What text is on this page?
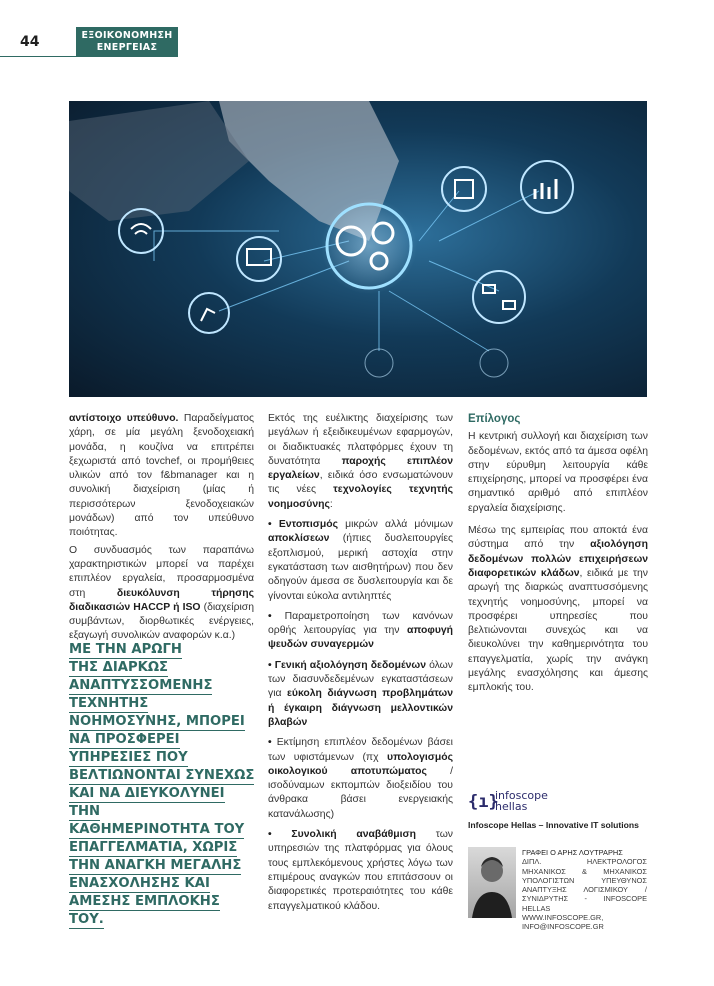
44	ΕΞΟΙΚΟΝΟΜΗΣΗ
ΕΝΕΡΓΕΙΑΣ

αντίστοιχο υπεύθυνο. Παραδείγματος χάρη, σε μία μεγάλη ξενοδοχειακή μονάδα, η κουζίνα να επιτρέπει ξεχωριστά από tovchef, οι προμήθειες υλικών από τον f&bmanager και η συνολική διαχείριση (μίας ή περισσότερων ξενοδοχειακών μονάδων) από τον υπεύθυνο ποιότητας.

Ο συνδυασμός των παραπάνω χαρακτηριστικών μπορεί να παρέχει επιπλέον εργαλεία, προσαρμοσμένα στη διευκόλυνση τήρησης διαδικασιών HACCP ή ISO (διαχείριση συμβάντων, διορθωτικές ενέργειες, εξαγωγή συνολικών αναφορών κ.α.)

ΜΕ ΤΗΝ ΑΡΩΓΗ
ΤΗΣ ΔΙΑΡΚΩΣ
ΑΝΑΠΤΥΣΣΟΜΕΝΗΣ
ΤΕΧΝΗΤΗΣ
ΝΟΗΜΟΣΥΝΗΣ, ΜΠΟΡΕΙ
ΝΑ ΠΡΟΣΦΕΡΕΙ
ΥΠΗΡΕΣΙΕΣ ΠΟΥ
ΒΕΛΤΙΩΝΟΝΤΑΙ ΣΥΝΕΧΩΣ
ΚΑΙ ΝΑ ΔΙΕΥΚΟΛΥΝΕΙ ΤΗΝ
ΚΑΘΗΜΕΡΙΝΟΤΗΤΑ ΤΟΥ
ΕΠΑΓΓΕΛΜΑΤΙΑ, ΧΩΡΙΣ
ΤΗΝ ΑΝΑΓΚΗ ΜΕΓΑΛΗΣ
ΕΝΑΣΧΟΛΗΣΗΣ ΚΑΙ
ΑΜΕΣΗΣ ΕΜΠΛΟΚΗΣ ΤΟΥ.

Εκτός της ευέλικτης διαχείρισης των μεγάλων ή εξειδικευμένων εφαρμογών, οι διαδικτυακές πλατφόρμες έχουν τη δυνατότητα παροχής επιπλέον εργαλείων, ειδικά όσο ενσωματώνουν τις νέες τεχνολογίες τεχνητής νοημοσύνης:

• Εντοπισμός μικρών αλλά μόνιμων αποκλίσεων (ήπιες δυσλειτουργίες εξοπλισμού, μερική αστοχία στην εγκατάσταση των αισθητήρων) που δεν οδηγούν άμεσα σε δυσλειτουργία και δε γίνονται εύκολα αντιληπτές

• Παραμετροποίηση των κανόνων ορθής λειτουργίας για την αποφυγή ψευδών συναγερμών

• Γενική αξιολόγηση δεδομένων όλων των διασυνδεδεμένων εγκαταστάσεων για εύκολη διάγνωση προβλημάτων ή έγκαιρη διάγνωση μελλοντικών βλαβών

• Εκτίμηση επιπλέον δεδομένων βάσει των υφιστάμενων (πχ υπολογισμός οικολογικού αποτυπώματος / ισοδύναμων εκπομπών διοξειδίου του άνθρακα βάσει ενεργειακής κατανάλωσης)

• Συνολική αναβάθμιση των υπηρεσιών της πλατφόρμας για όλους τους εμπλεκόμενους χρήστες λόγω των επιμέρους αναγκών που επιτάσσουν οι διαφορετικές προτεραιότητες του κάθε επαγγελματικού κλάδου.

Επίλογος

Η κεντρική συλλογή και διαχείριση των δεδομένων, εκτός από τα άμεσα οφέλη στην εύρυθμη λειτουργία κάθε επιχείρησης, μπορεί να προσφέρει ένα σημαντικό αριθμό από επιπλέον εργαλεία διαχείρισης.

Μέσω της εμπειρίας που αποκτά ένα σύστημα από την αξιολόγηση δεδομένων πολλών επιχειρήσεων διαφορετικών κλάδων, ειδικά με την αρωγή της διαρκώς αναπτυσσόμενης τεχνητής νοημοσύνης, μπορεί να προσφέρει υπηρεσίες που βελτιώνονται συνεχώς και να διευκολύνει την καθημερινότητα του επαγγελματία, χωρίς την ανάγκη μεγάλης ενασχόλησης και άμεσης εμπλοκής του.

{ı}
infoscope
hellas
Infoscope Hellas – Innovative IT solutions
ΓΡΑΦΕΙ Ο ΑΡΗΣ ΛΟΥΤΡΑΡΗΣ
ΔΙΠΛ. ΗΛΕΚΤΡΟΛΟΓΟΣ ΜΗΧΑΝΙΚΟΣ & ΜΗΧΑΝΙΚΟΣ ΥΠΟΛΟΓΙΣΤΩΝ ΥΠΕΥΘΥΝΟΣ ΑΝΑΠΤΥΞΗΣ ΛΟΓΙΣΜΙΚΟΥ / ΣΥΝΙΔΡΥΤΗΣ - INFOSCOPE HELLAS
WWW.INFOSCOPE.GR,
INFO@INFOSCOPE.GR
